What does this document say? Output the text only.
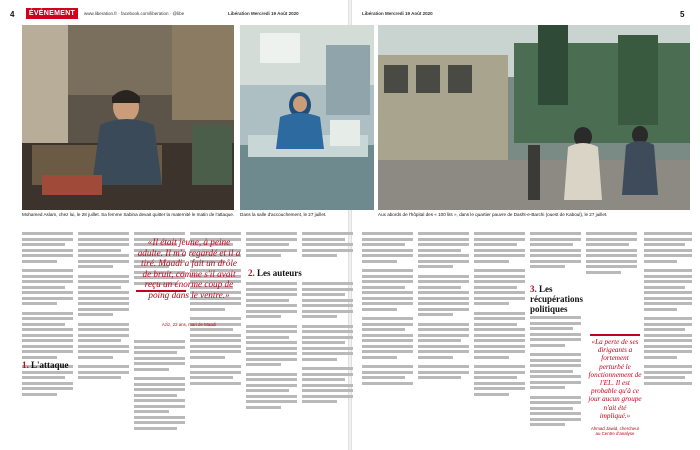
4	ÉVÉNEMENT	www.liberation.fr · facebook.com/liberation · @libe	Libération Mercredi 19 Août 2020	Libération Mercredi 19 Août 2020	5
Mohamed Aslam, chez lui, le 28 juillet. Sa femme Sabina devait quitter la maternité le matin de l'attaque.	Dans la salle d'accouchement, le 27 juillet.	Aux abords de l'hôpital des « 100 lits », dans le quartier pauvre de Dasht-e-Barchi (ouest de Kaboul), le 27 juillet.
1. L'attaque
2. Les auteurs
3. Les récupérations politiques
«Il était jeune, à peine adulte. Il m'a regardé et il a tiré. Maadi a fait un drôle de bruit, comme s'il avait reçu un énorme coup de poing dans le ventre.»
Aziz, 22 ans, mari de Maadi
«La perte de ses dirigeants a fortement perturbé le fonctionnement de l'EI.. Il est probable qu'à ce jour aucun groupe n'ait été impliqué.»
Ahmad Jawid, chercheur au Centre d'analyse
